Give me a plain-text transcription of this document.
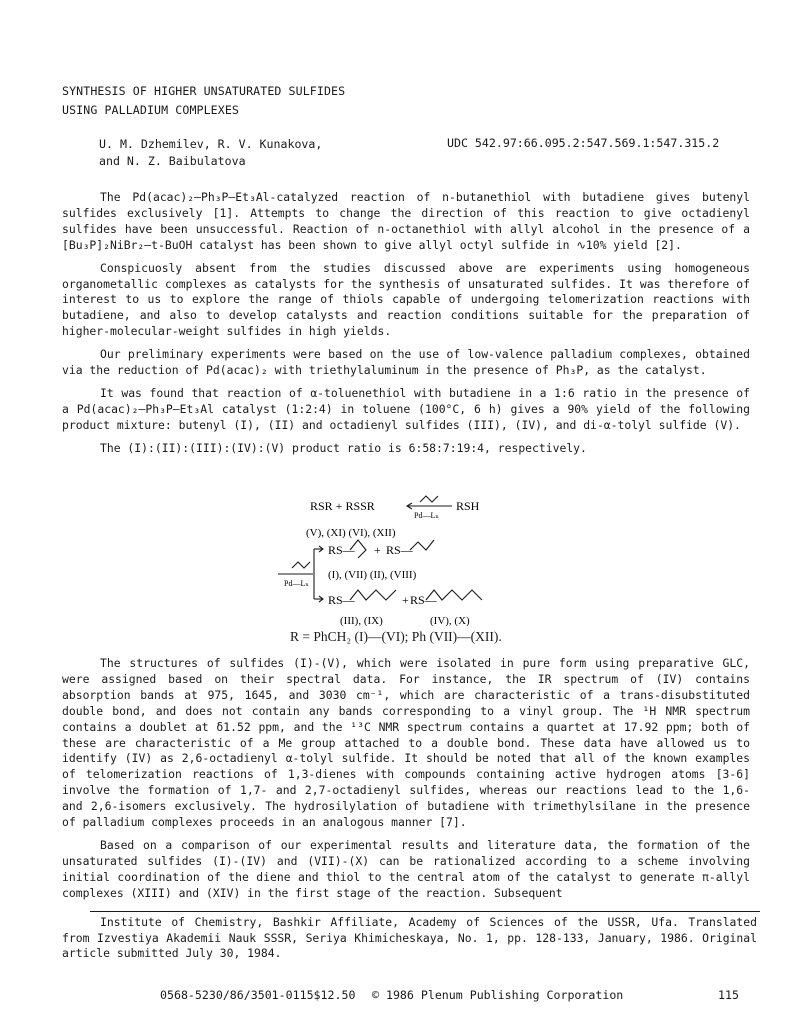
SYNTHESIS OF HIGHER UNSATURATED SULFIDES
USING PALLADIUM COMPLEXES
U. M. Dzhemilev, R. V. Kunakova,
and N. Z. Baibulatova
UDC 542.97:66.095.2:547.569.1:547.315.2

The Pd(acac)₂—Ph₃P—Et₃Al-catalyzed reaction of n-butanethiol with butadiene gives butenyl sulfides exclusively [1]. Attempts to change the direction of this reaction to give octadienyl sulfides have been unsuccessful. Reaction of n-octanethiol with allyl alcohol in the presence of a [Bu₃P]₂NiBr₂—t-BuOH catalyst has been shown to give allyl octyl sulfide in ∿10% yield [2].

Conspicuosly absent from the studies discussed above are experiments using homogeneous organometallic complexes as catalysts for the synthesis of unsaturated sulfides. It was therefore of interest to us to explore the range of thiols capable of undergoing telomerization reactions with butadiene, and also to develop catalysts and reaction conditions suitable for the preparation of higher-molecular-weight sulfides in high yields.

Our preliminary experiments were based on the use of low-valence palladium complexes, obtained via the reduction of Pd(acac)₂ with triethylaluminum in the presence of Ph₃P, as the catalyst.

It was found that reaction of α-toluenethiol with butadiene in a 1:6 ratio in the presence of a Pd(acac)₂—Ph₃P—Et₃Al catalyst (1:2:4) in toluene (100°C, 6 h) gives a 90% yield of the following product mixture: butenyl (I), (II) and octadienyl sulfides (III), (IV), and di-α-tolyl sulfide (V).

The (I):(II):(III):(IV):(V) product ratio is 6:58:7:19:4, respectively.

RSR + RSSR	RSH
Pd—Lₙ
(V), (XI) (VI), (XII)
Pd—Lₙ
RS— + RS—
(I), (VII) (II), (VIII)
RS—	+ RS—
(III), (IX)	(IV), (X)
R = PhCH₂ (I)—(VI); Ph (VII)—(XII).

The structures of sulfides (I)-(V), which were isolated in pure form using preparative GLC, were assigned based on their spectral data. For instance, the IR spectrum of (IV) contains absorption bands at 975, 1645, and 3030 cm⁻¹, which are characteristic of a trans-disubstituted double bond, and does not contain any bands corresponding to a vinyl group. The ¹H NMR spectrum contains a doublet at δ1.52 ppm, and the ¹³C NMR spectrum contains a quartet at 17.92 ppm; both of these are characteristic of a Me group attached to a double bond. These data have allowed us to identify (IV) as 2,6-octadienyl α-tolyl sulfide. It should be noted that all of the known examples of telomerization reactions of 1,3-dienes with compounds containing active hydrogen atoms [3-6] involve the formation of 1,7- and 2,7-octadienyl sulfides, whereas our reactions lead to the 1,6- and 2,6-isomers exclusively. The hydrosilylation of butadiene with trimethylsilane in the presence of palladium complexes proceeds in an analogous manner [7].

Based on a comparison of our experimental results and literature data, the formation of the unsaturated sulfides (I)-(IV) and (VII)-(X) can be rationalized according to a scheme involving initial coordination of the diene and thiol to the central atom of the catalyst to generate π-allyl complexes (XIII) and (XIV) in the first stage of the reaction. Subsequent

Institute of Chemistry, Bashkir Affiliate, Academy of Sciences of the USSR, Ufa. Translated from Izvestiya Akademii Nauk SSSR, Seriya Khimicheskaya, No. 1, pp. 128-133, January, 1986. Original article submitted July 30, 1984.

0568-5230/86/3501-0115$12.50 © 1986 Plenum Publishing Corporation	115
